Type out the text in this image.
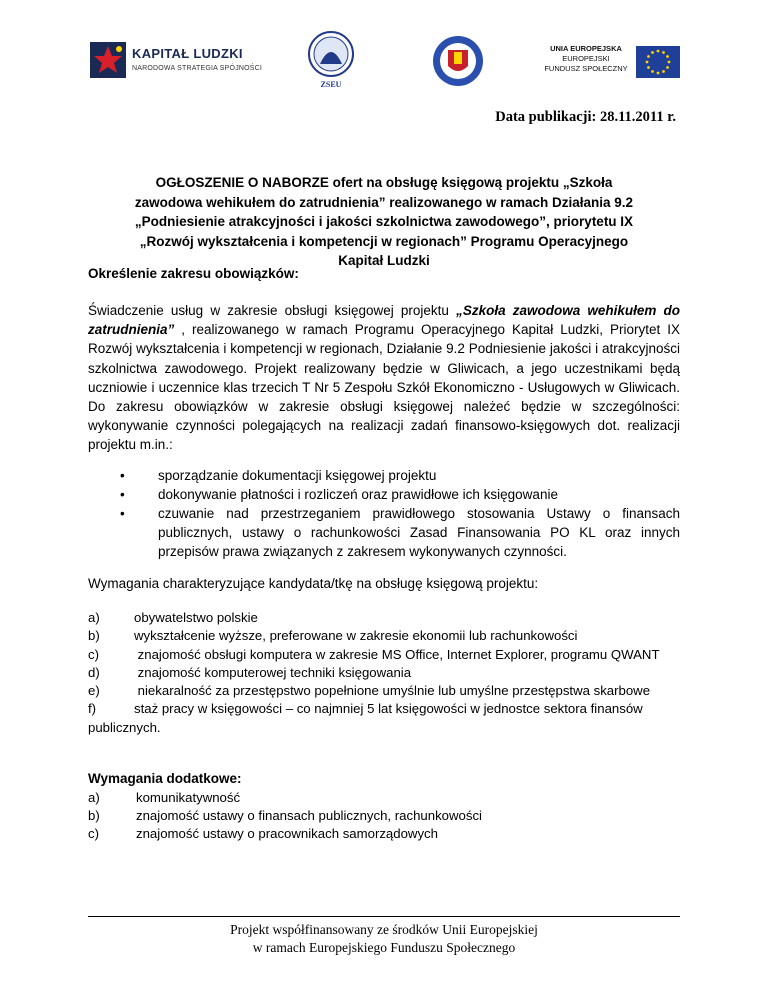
KAPITAŁ LUDZKI
NARODOWA STRATEGIA SPÓJNOŚCI
ZSEU
UNIA EUROPEJSKA
EUROPEJSKI
FUNDUSZ SPOŁECZNY
Data publikacji: 28.11.2011 r.
OGŁOSZENIE O NABORZE ofert na obsługę księgową projektu „Szkoła
zawodowa wehikułem do zatrudnienia” realizowanego w ramach Działania 9.2
„Podniesienie atrakcyjności i jakości szkolnictwa zawodowego”, priorytetu IX
„Rozwój wykształcenia i kompetencji w regionach” Programu Operacyjnego
Kapitał Ludzki
Określenie zakresu obowiązków:
Świadczenie usług w zakresie obsługi księgowej projektu „Szkoła zawodowa wehikułem do zatrudnienia” , realizowanego w ramach Programu Operacyjnego Kapitał Ludzki, Priorytet IX Rozwój wykształcenia i kompetencji w regionach, Działanie 9.2 Podniesienie jakości i atrakcyjności szkolnictwa zawodowego. Projekt realizowany będzie w Gliwicach, a jego uczestnikami będą uczniowie i uczennice klas trzecich T Nr 5 Zespołu Szkół Ekonomiczno - Usługowych w Gliwicach. Do zakresu obowiązków w zakresie obsługi księgowej należeć będzie w szczególności: wykonywanie czynności polegających na realizacji zadań finansowo-księgowych dot. realizacji projektu m.in.:
• sporządzanie dokumentacji księgowej projektu
• dokonywanie płatności i rozliczeń oraz prawidłowe ich księgowanie
• czuwanie nad przestrzeganiem prawidłowego stosowania Ustawy o finansach publicznych, ustawy o rachunkowości Zasad Finansowania PO KL oraz innych przepisów prawa związanych z zakresem wykonywanych czynności.
Wymagania charakteryzujące kandydata/tkę na obsługę księgową projektu:
a)	obywatelstwo polskie
b)	wykształcenie wyższe, preferowane w zakresie ekonomii lub rachunkowości
c)	znajomość obsługi komputera w zakresie MS Office, Internet Explorer, programu QWANT
d)	znajomość komputerowej techniki księgowania
e)	niekaralność za przestępstwo popełnione umyślnie lub umyślne przestępstwa skarbowe
f)	staż pracy w księgowości – co najmniej 5 lat księgowości w jednostce sektora finansów publicznych.
Wymagania dodatkowe:
a)	komunikatywność
b)	znajomość ustawy o finansach publicznych, rachunkowości
c)	znajomość ustawy o pracownikach samorządowych
Projekt współfinansowany ze środków Unii Europejskiej
w ramach Europejskiego Funduszu Społecznego
